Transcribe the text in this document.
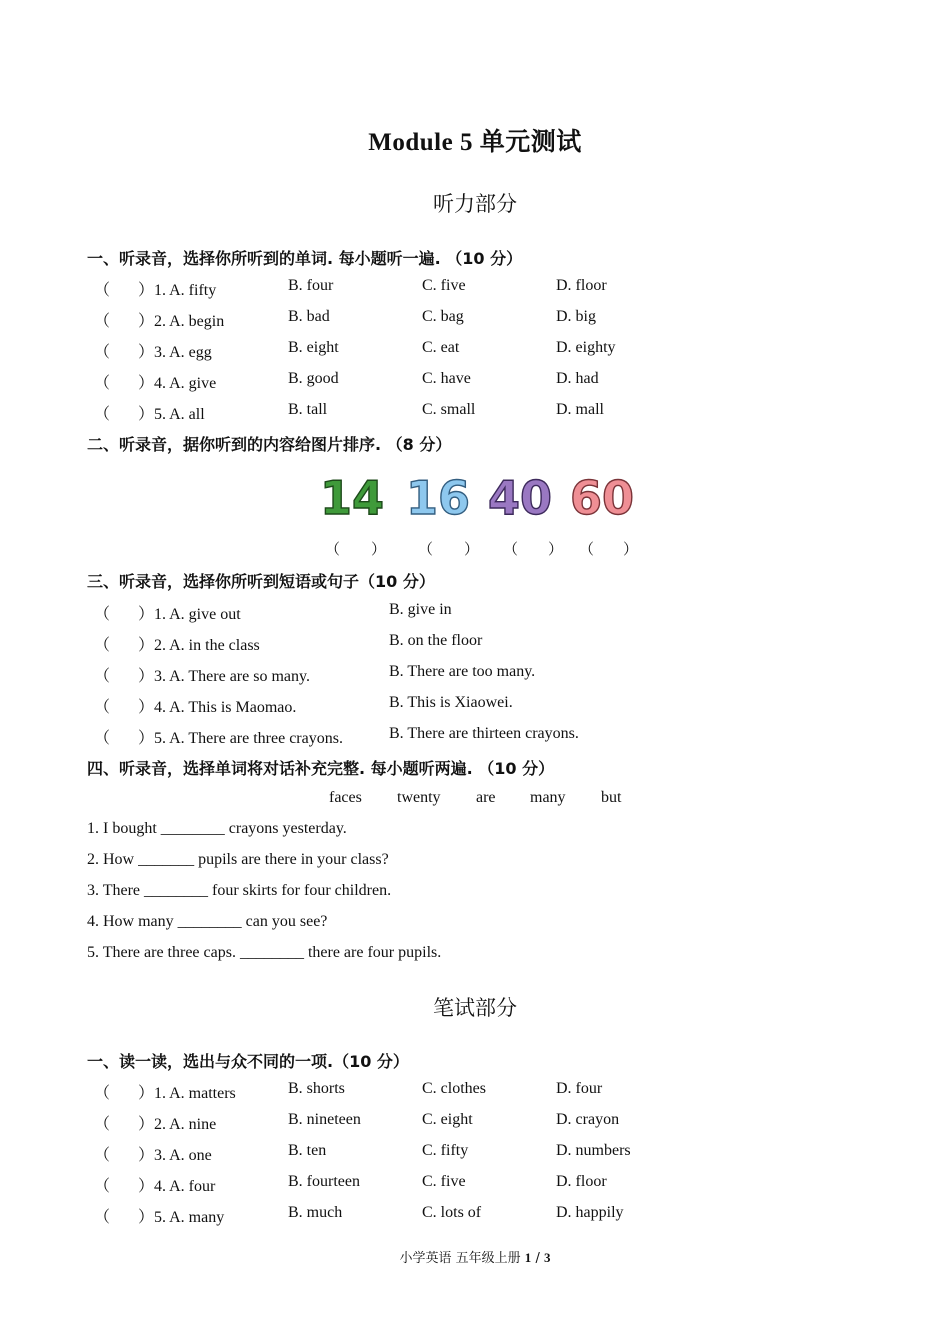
Module 5 单元测试
听力部分
一、听录音，选择你所听到的单词. 每小题听一遍. （10 分）
（ ）1. A. fifty	B. four	C. five	D. floor
（ ）2. A. begin	B. bad	C. bag	D. big
（ ）3. A. egg	B. eight	C. eat	D. eighty
（ ）4. A. give	B. good	C. have	D. had
（ ）5. A. all	B. tall	C. small	D. mall
二、听录音，据你听到的内容给图片排序. （8 分）
14 16 40 60
（ ） （ ） （ ） （ ）
三、听录音，选择你所听到短语或句子（10 分）
（ ）1. A. give out	B. give in
（ ）2. A. in the class	B. on the floor
（ ）3. A. There are so many.	B. There are too many.
（ ）4. A. This is Maomao.	B. This is Xiaowei.
（ ）5. A. There are three crayons.	B. There are thirteen crayons.
四、听录音，选择单词将对话补充完整. 每小题听两遍. （10 分）
faces twenty are many but
1. I bought ________ crayons yesterday.
2. How _______ pupils are there in your class?
3. There ________ four skirts for four children.
4. How many ________ can you see?
5. There are three caps. ________ there are four pupils.
笔试部分
一、读一读，选出与众不同的一项.（10 分）
（ ）1. A. matters	B. shorts	C. clothes	D. four
（ ）2. A. nine	B. nineteen	C. eight	D. crayon
（ ）3. A. one	B. ten	C. fifty	D. numbers
（ ）4. A. four	B. fourteen	C. five	D. floor
（ ）5. A. many	B. much	C. lots of	D. happily
小学英语 五年级上册 1 / 3
